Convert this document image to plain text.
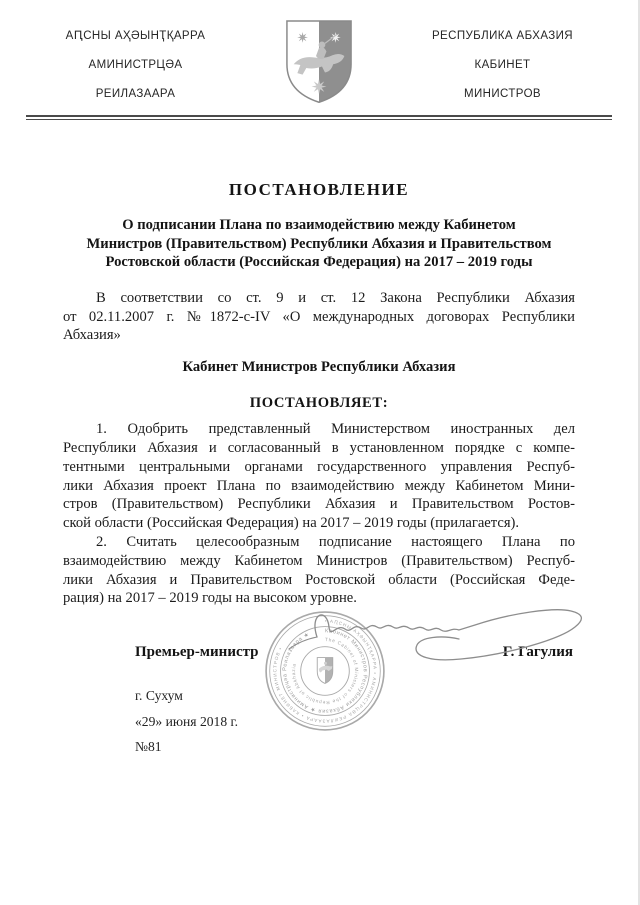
АԤСНЫ АҲӘЫНҬҚАРРА
АМИНИСТРЦӘА
РЕИЛАЗААРА
РЕСПУБЛИКА АБХАЗИЯ
КАБИНЕТ
МИНИСТРОВ
ПОСТАНОВЛЕНИЕ
О подписании Плана по взаимодействию между Кабинетом
Министров (Правительством) Республики Абхазия и Правительством
Ростовской области (Российская Федерация) на 2017 – 2019 годы
В соответствии со ст. 9 и ст. 12 Закона Республики Абхазия
от 02.11.2007 г. №1872-с-IV «О международных договорах Республики
Абхазия»
Кабинет Министров Республики Абхазия
ПОСТАНОВЛЯЕТ:
1. Одобрить представленный Министерством иностранных дел
Республики Абхазия и согласованный в установленном порядке с компе-
тентными центральными органами государственного управления Респуб-
лики Абхазия проект Плана по взаимодействию между Кабинетом Мини-
стров (Правительством) Республики Абхазия и Правительством Ростов-
ской области (Российская Федерация) на 2017 – 2019 годы (прилагается).
2. Считать целесообразным подписание настоящего Плана по
взаимодействию между Кабинетом Министров (Правительством) Респуб-
лики Абхазия и Правительством Ростовской области (Российская Феде-
рация) на 2017 – 2019 годы на высоком уровне.
Премьер-министр	Г. Гагулия
г. Сухум
«29» июня 2018 г.
№81
• АԤСНЫ АҲӘЫНҬҚАРРА • АМИНИСТРЦӘА РЕИЛАЗААРА • КАБИНЕТ МИНИСТРОВ •
Кабинет Министров Республики Абхазия ★ Аминистрцәа Реилазаара ★
The Cabinet of Ministers of the Republic of Abkhazia
